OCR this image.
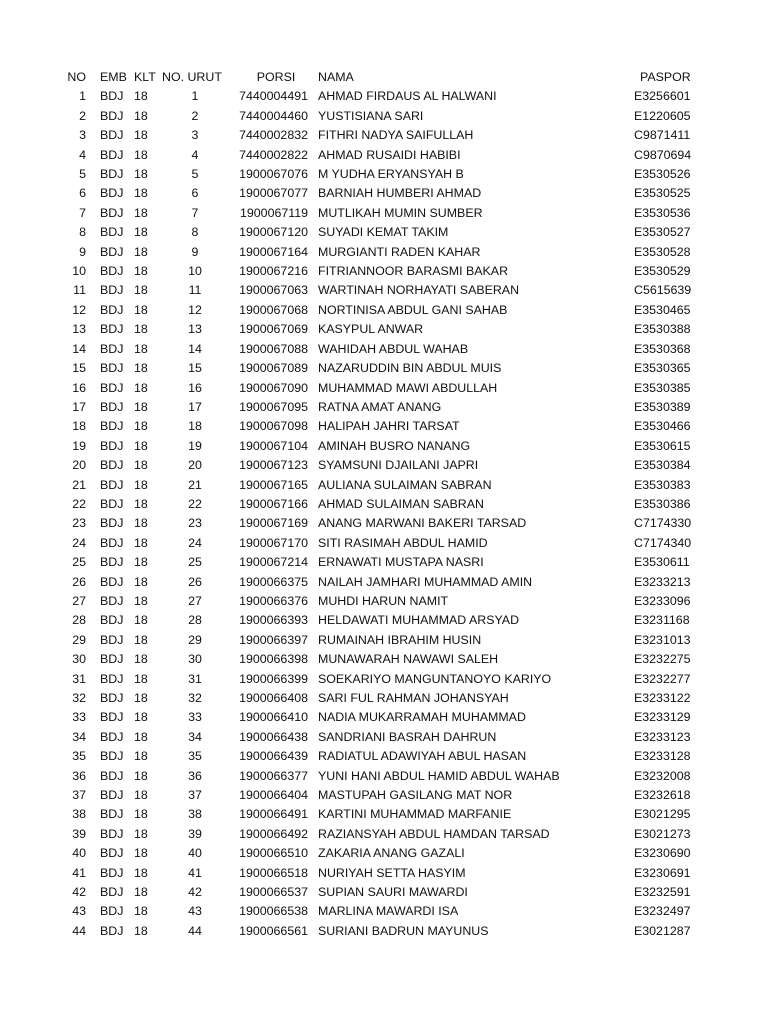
NO	EMB	KLT	NO. URUT	PORSI	NAMA	PASPOR
1	BDJ	18	1	7440004491	AHMAD FIRDAUS AL HALWANI	E3256601
2	BDJ	18	2	7440004460	YUSTISIANA SARI	E1220605
3	BDJ	18	3	7440002832	FITHRI NADYA SAIFULLAH	C9871411
4	BDJ	18	4	7440002822	AHMAD RUSAIDI HABIBI	C9870694
5	BDJ	18	5	1900067076	M YUDHA ERYANSYAH B	E3530526
6	BDJ	18	6	1900067077	BARNIAH HUMBERI AHMAD	E3530525
7	BDJ	18	7	1900067119	MUTLIKAH MUMIN SUMBER	E3530536
8	BDJ	18	8	1900067120	SUYADI KEMAT TAKIM	E3530527
9	BDJ	18	9	1900067164	MURGIANTI RADEN KAHAR	E3530528
10	BDJ	18	10	1900067216	FITRIANNOOR BARASMI BAKAR	E3530529
11	BDJ	18	11	1900067063	WARTINAH NORHAYATI SABERAN	C5615639
12	BDJ	18	12	1900067068	NORTINISA ABDUL GANI SAHAB	E3530465
13	BDJ	18	13	1900067069	KASYPUL ANWAR	E3530388
14	BDJ	18	14	1900067088	WAHIDAH ABDUL WAHAB	E3530368
15	BDJ	18	15	1900067089	NAZARUDDIN BIN ABDUL MUIS	E3530365
16	BDJ	18	16	1900067090	MUHAMMAD MAWI ABDULLAH	E3530385
17	BDJ	18	17	1900067095	RATNA AMAT ANANG	E3530389
18	BDJ	18	18	1900067098	HALIPAH JAHRI TARSAT	E3530466
19	BDJ	18	19	1900067104	AMINAH BUSRO NANANG	E3530615
20	BDJ	18	20	1900067123	SYAMSUNI DJAILANI JAPRI	E3530384
21	BDJ	18	21	1900067165	AULIANA SULAIMAN SABRAN	E3530383
22	BDJ	18	22	1900067166	AHMAD SULAIMAN SABRAN	E3530386
23	BDJ	18	23	1900067169	ANANG MARWANI BAKERI TARSAD	C7174330
24	BDJ	18	24	1900067170	SITI RASIMAH ABDUL HAMID	C7174340
25	BDJ	18	25	1900067214	ERNAWATI MUSTAPA NASRI	E3530611
26	BDJ	18	26	1900066375	NAILAH JAMHARI MUHAMMAD AMIN	E3233213
27	BDJ	18	27	1900066376	MUHDI HARUN NAMIT	E3233096
28	BDJ	18	28	1900066393	HELDAWATI MUHAMMAD ARSYAD	E3231168
29	BDJ	18	29	1900066397	RUMAINAH IBRAHIM HUSIN	E3231013
30	BDJ	18	30	1900066398	MUNAWARAH NAWAWI SALEH	E3232275
31	BDJ	18	31	1900066399	SOEKARIYO MANGUNTANOYO KARIYO	E3232277
32	BDJ	18	32	1900066408	SARI FUL RAHMAN JOHANSYAH	E3233122
33	BDJ	18	33	1900066410	NADIA MUKARRAMAH MUHAMMAD	E3233129
34	BDJ	18	34	1900066438	SANDRIANI BASRAH DAHRUN	E3233123
35	BDJ	18	35	1900066439	RADIATUL ADAWIYAH ABUL HASAN	E3233128
36	BDJ	18	36	1900066377	YUNI HANI ABDUL HAMID ABDUL WAHAB	E3232008
37	BDJ	18	37	1900066404	MASTUPAH GASILANG MAT NOR	E3232618
38	BDJ	18	38	1900066491	KARTINI MUHAMMAD MARFANIE	E3021295
39	BDJ	18	39	1900066492	RAZIANSYAH ABDUL HAMDAN TARSAD	E3021273
40	BDJ	18	40	1900066510	ZAKARIA ANANG GAZALI	E3230690
41	BDJ	18	41	1900066518	NURIYAH SETTA HASYIM	E3230691
42	BDJ	18	42	1900066537	SUPIAN SAURI MAWARDI	E3232591
43	BDJ	18	43	1900066538	MARLINA MAWARDI ISA	E3232497
44	BDJ	18	44	1900066561	SURIANI BADRUN MAYUNUS	E3021287
